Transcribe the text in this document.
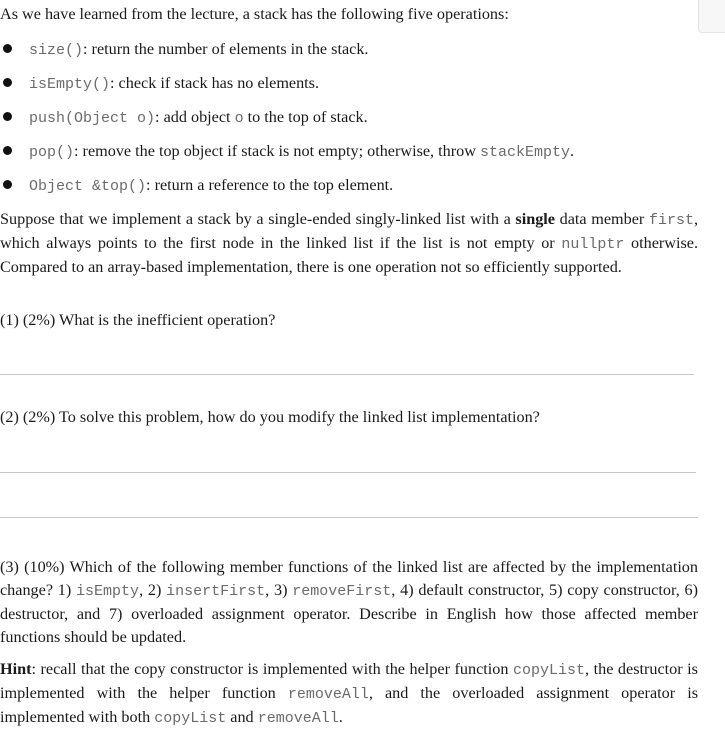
As we have learned from the lecture, a stack has the following five operations:
size(): return the number of elements in the stack.
isEmpty(): check if stack has no elements.
push(Object o): add object o to the top of stack.
pop(): remove the top object if stack is not empty; otherwise, throw stackEmpty.
Object &top(): return a reference to the top element.
Suppose that we implement a stack by a single-ended singly-linked list with a single data member first, which always points to the first node in the linked list if the list is not empty or nullptr otherwise. Compared to an array-based implementation, there is one operation not so efficiently supported.
(1) (2%) What is the inefficient operation?
(2) (2%) To solve this problem, how do you modify the linked list implementation?
(3) (10%) Which of the following member functions of the linked list are affected by the implementation change? 1) isEmpty, 2) insertFirst, 3) removeFirst, 4) default constructor, 5) copy constructor, 6) destructor, and 7) overloaded assignment operator. Describe in English how those affected member functions should be updated.
Hint: recall that the copy constructor is implemented with the helper function copyList, the destructor is implemented with the helper function removeAll, and the overloaded assignment operator is implemented with both copyList and removeAll.
